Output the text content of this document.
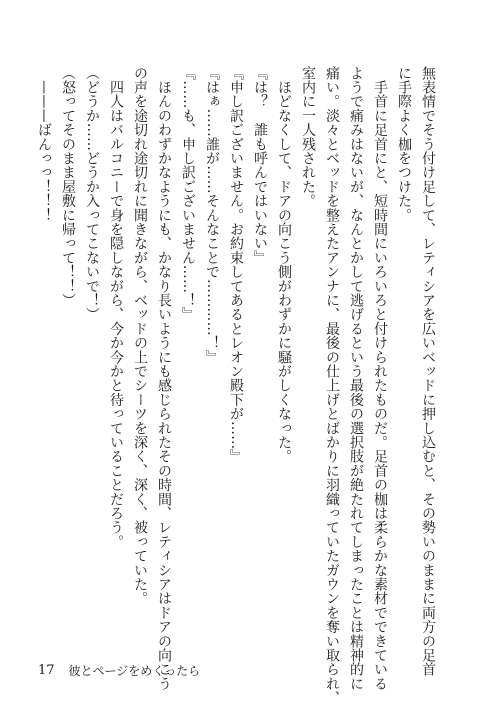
無表情でそう付け足して、レティシアを広いベッドに押し込むと、その勢いのままに両方の足首
に手際よく枷をつけた。
　手首に足首にと、短時間にいろいろと付けられたものだ。足首の枷は柔らかな素材でできている
ようで痛みはないが、なんとかして逃げるという最後の選択肢が絶たれてしまったことは精神的に
痛い。淡々とベッドを整えたアンナに、最後の仕上げとばかりに羽織っていたガウンを奪い取られ、
室内に一人残された。
　ほどなくして、ドアの向こう側がわずかに騒がしくなった。
『は？　誰も呼んではいない』
『申し訳ございません。お約束してあるとレオン殿下が……』
『はぁ……誰が……そんなことで…………！』
『……も、申し訳ございません……！』
　ほんのわずかなようにも、かなり長いようにも感じられたその時間、レティシアはドアの向こう
の声を途切れ途切れに聞きながら、ベッドの上でシーツを深く、深く、被っていた。
　四人はバルコニーで身を隠しながら、今か今かと待っていることだろう。
（どうか……どうか入ってこないで！）
（怒ってそのまま屋敷に帰って！！）
　———ばんっっ！！！
17 彼とページをめくったら
